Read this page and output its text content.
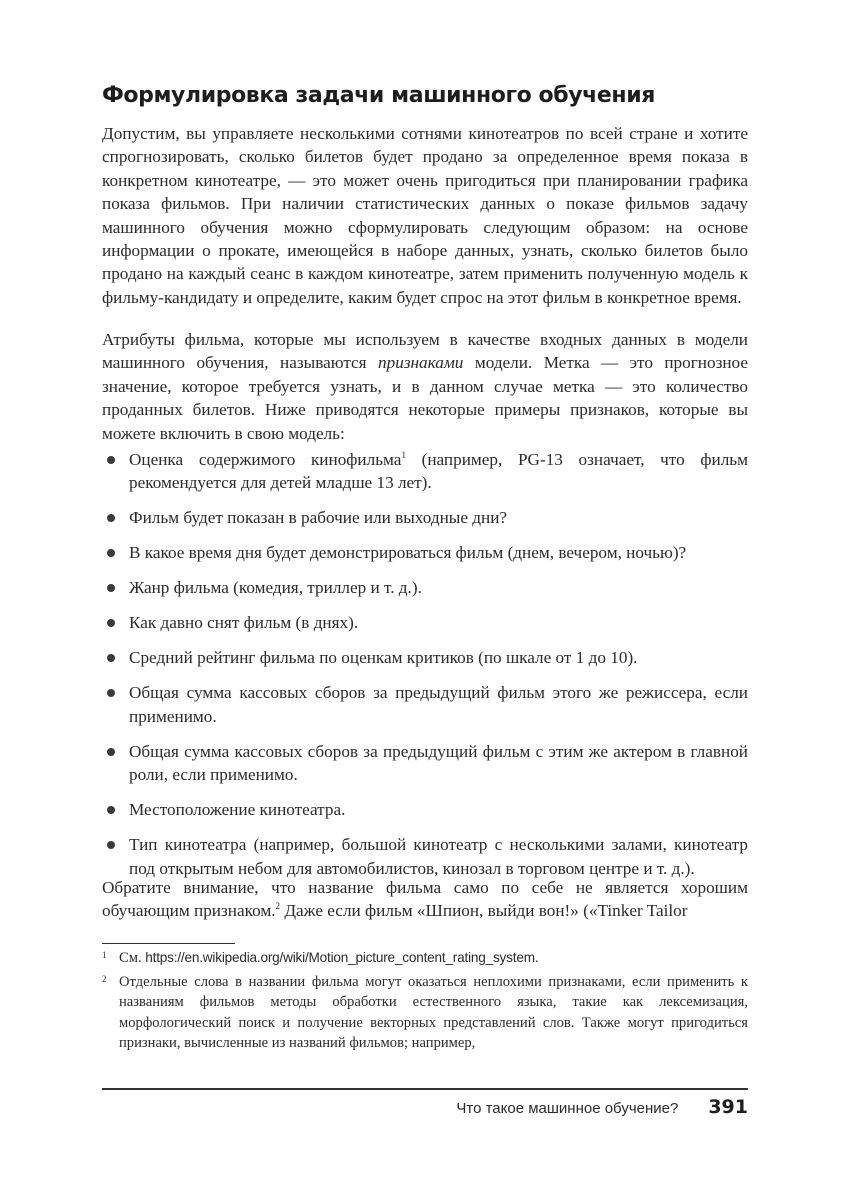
Формулировка задачи машинного обучения

Допустим, вы управляете несколькими сотнями кинотеатров по всей стране и хотите спрогнозировать, сколько билетов будет продано за определенное время показа в конкретном кинотеатре, — это может очень пригодиться при планировании графика показа фильмов. При наличии статистических данных о показе фильмов задачу машинного обучения можно сформулировать следующим образом: на основе информации о прокате, имеющейся в наборе данных, узнать, сколько билетов было продано на каждый сеанс в каждом кинотеатре, затем применить полученную модель к фильму-кандидату и определите, каким будет спрос на этот фильм в конкретное время.

Атрибуты фильма, которые мы используем в качестве входных данных в модели машинного обучения, называются признаками модели. Метка — это прогнозное значение, которое требуется узнать, и в данном случае метка — это количество проданных билетов. Ниже приводятся некоторые примеры признаков, которые вы можете включить в свою модель:

Оценка содержимого кинофильма$^1$ (например, PG-13 означает, что фильм рекомендуется для детей младше 13 лет).
Фильм будет показан в рабочие или выходные дни?
В какое время дня будет демонстрироваться фильм (днем, вечером, ночью)?
Жанр фильма (комедия, триллер и т. д.).
Как давно снят фильм (в днях).
Средний рейтинг фильма по оценкам критиков (по шкале от 1 до 10).
Общая сумма кассовых сборов за предыдущий фильм этого же режиссера, если применимо.
Общая сумма кассовых сборов за предыдущий фильм с этим же актером в главной роли, если применимо.
Местоположение кинотеатра.
Тип кинотеатра (например, большой кинотеатр с несколькими залами, кинотеатр под открытым небом для автомобилистов, кинозал в торговом центре и т. д.).

Обратите внимание, что название фильма само по себе не является хорошим обучающим признаком.$^2$ Даже если фильм «Шпион, выйди вон!» («Tinker Tailor

1 См. https://en.wikipedia.org/wiki/Motion_picture_content_rating_system.
2 Отдельные слова в названии фильма могут оказаться неплохими признаками, если применить к названиям фильмов методы обработки естественного языка, такие как лексемизация, морфологический поиск и получение векторных представлений слов. Также могут пригодиться признаки, вычисленные из названий фильмов; например,
Что такое машинное обучение? 391
